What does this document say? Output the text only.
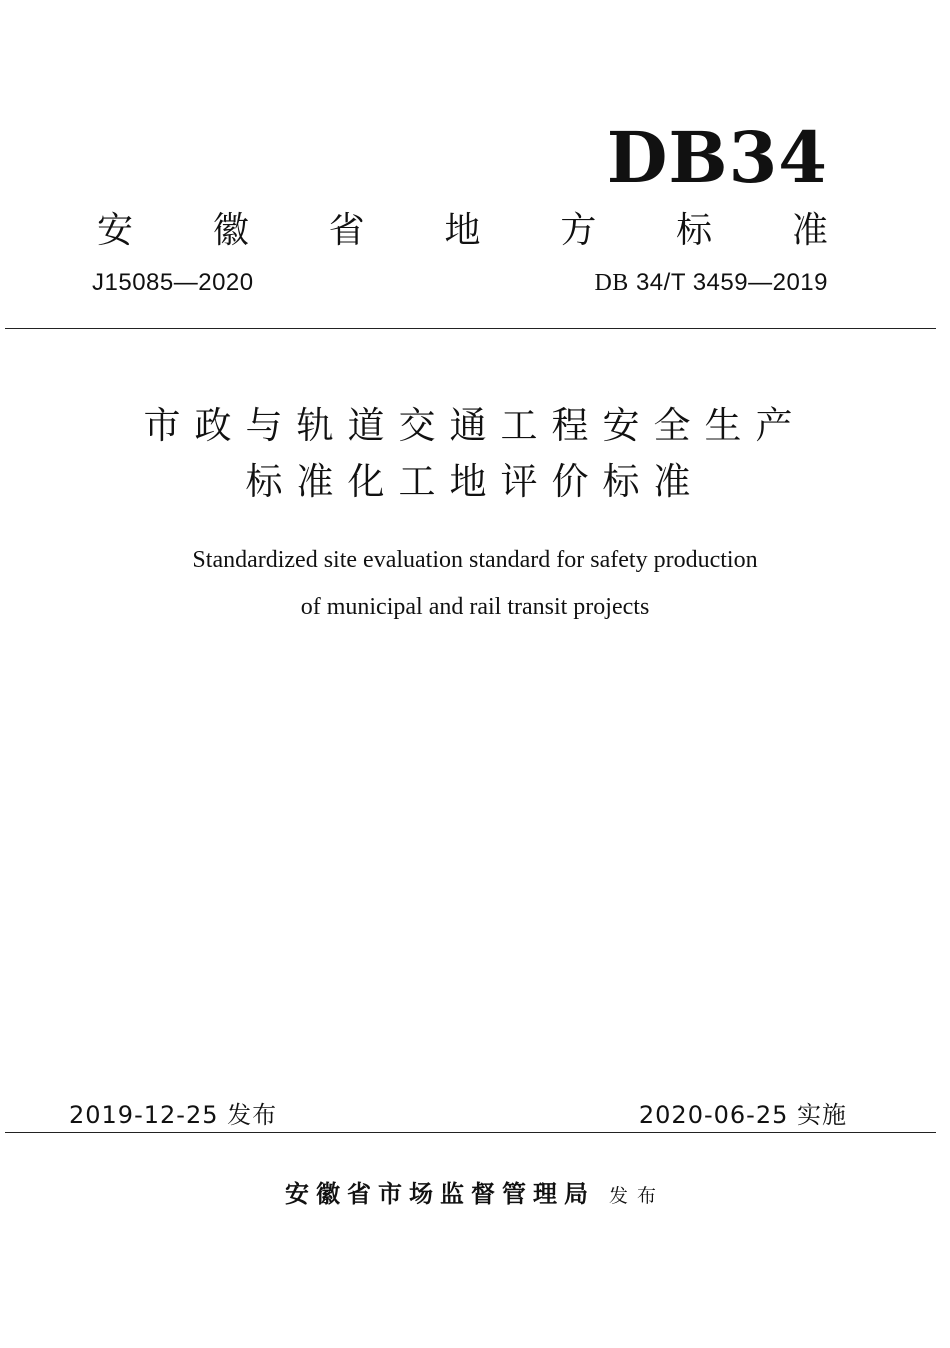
DB34
安 徽 省 地 方 标 准
J15085—2020	DB 34/T 3459—2019
市政与轨道交通工程安全生产
标准化工地评价标准
Standardized site evaluation standard for safety production
of municipal and rail transit projects
2019-12-25 发布	2020-06-25 实施
安徽省市场监督管理局 发布
